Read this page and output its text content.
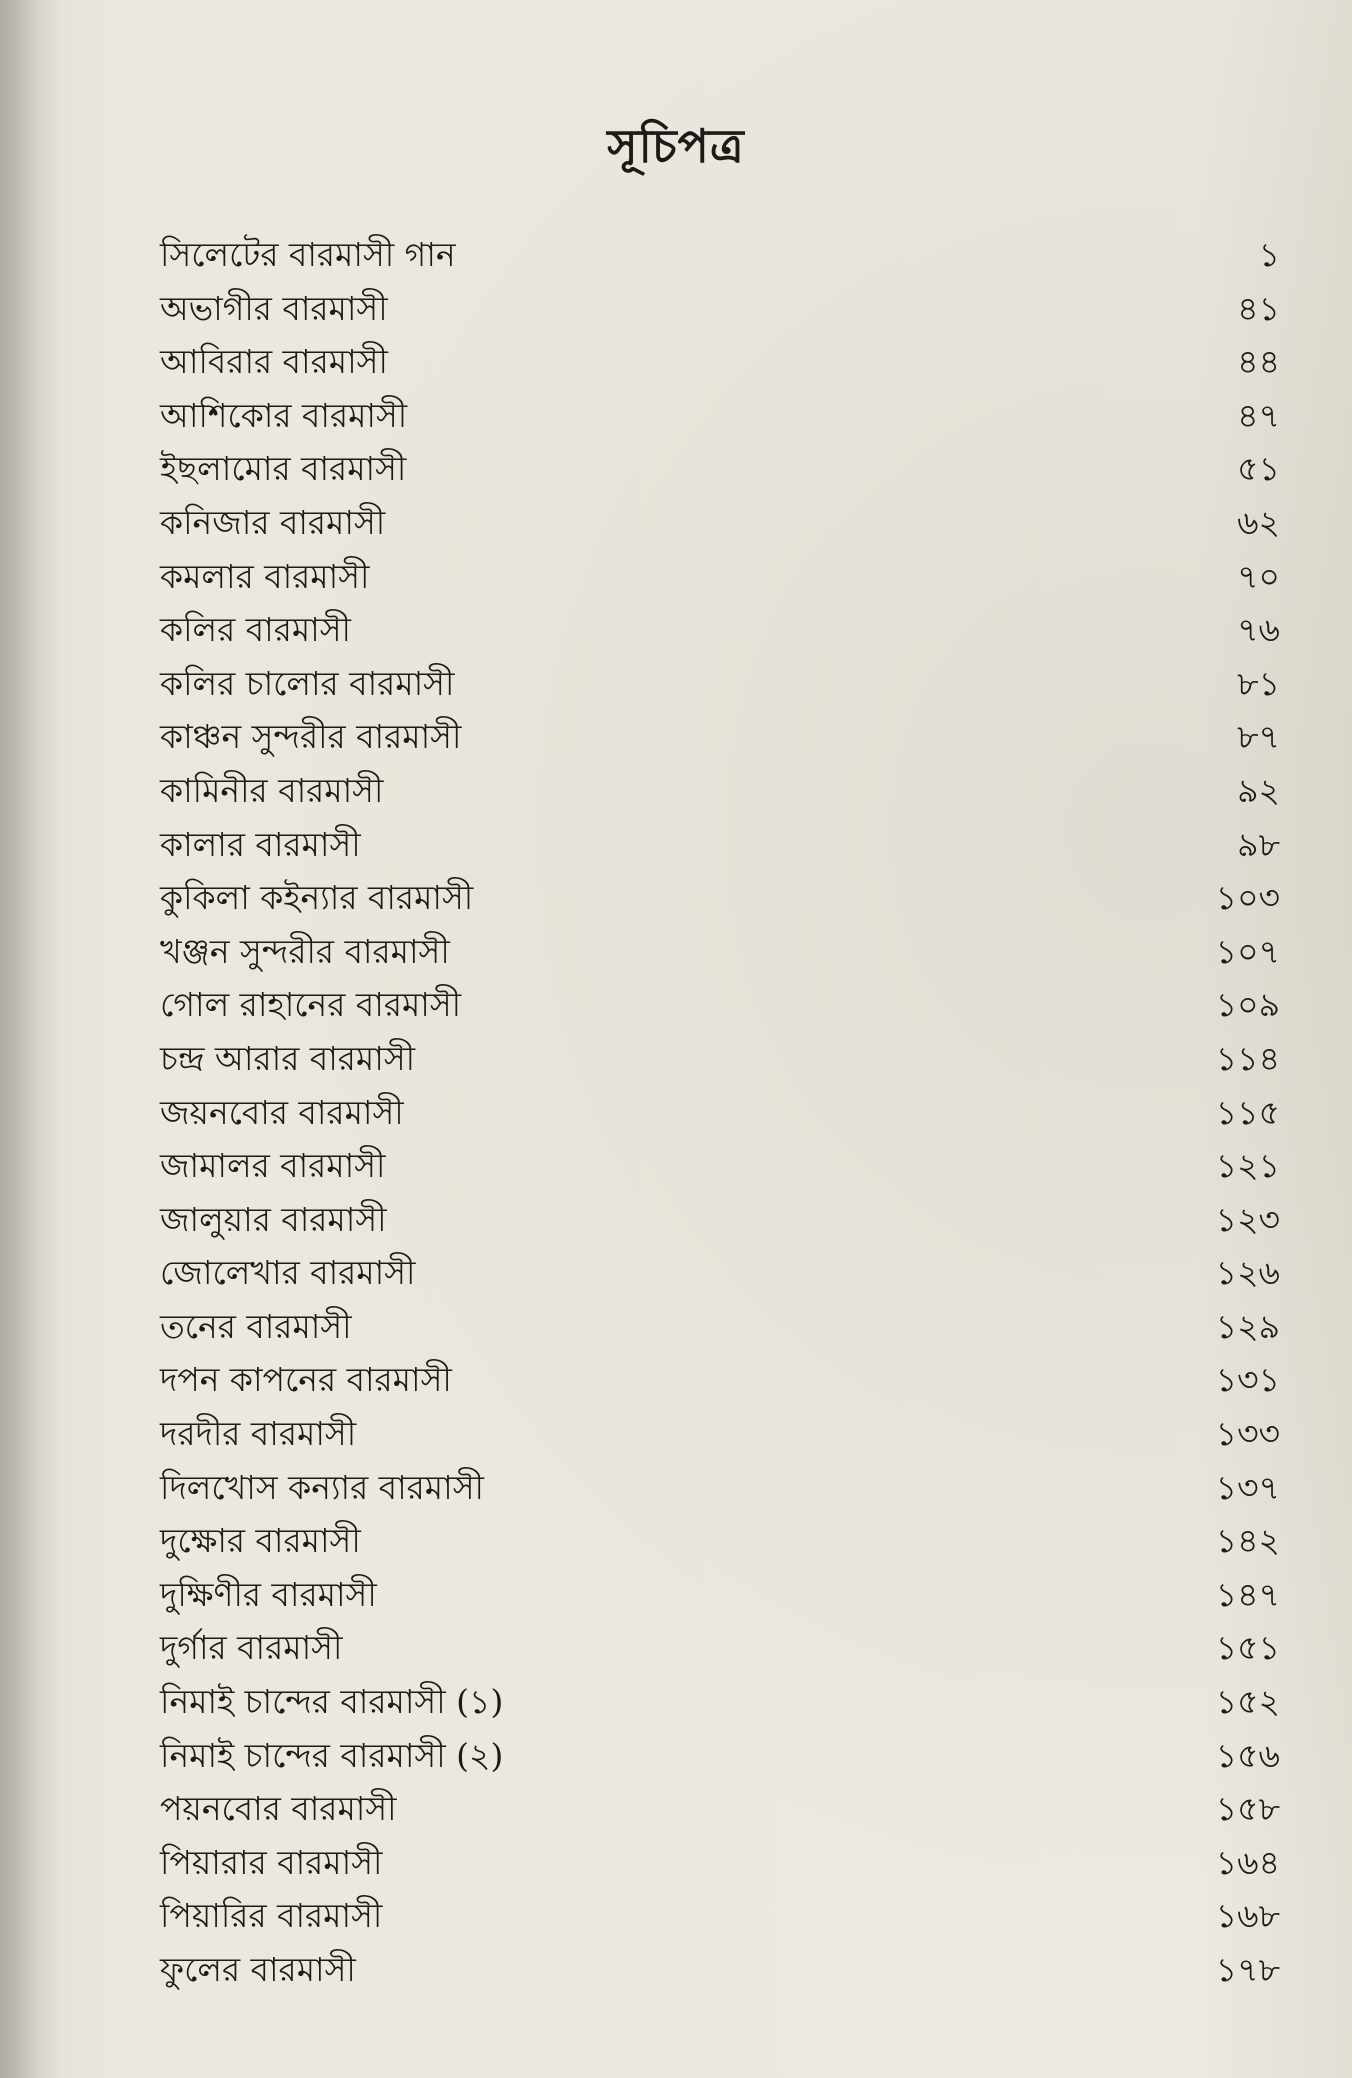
সূচিপত্র
সিলেটের বারমাসী গান	১
অভাগীর বারমাসী	৪১
আবিরার বারমাসী	৪৪
আশিকোর বারমাসী	৪৭
ইছলামোর বারমাসী	৫১
কনিজার বারমাসী	৬২
কমলার বারমাসী	৭০
কলির বারমাসী	৭৬
কলির চালোর বারমাসী	৮১
কাঞ্চন সুন্দরীর বারমাসী	৮৭
কামিনীর বারমাসী	৯২
কালার বারমাসী	৯৮
কুকিলা কইন্যার বারমাসী	১০৩
খঞ্জন সুন্দরীর বারমাসী	১০৭
গোল রাহানের বারমাসী	১০৯
চন্দ্র আরার বারমাসী	১১৪
জয়নবোর বারমাসী	১১৫
জামালর বারমাসী	১২১
জালুয়ার বারমাসী	১২৩
জোলেখার বারমাসী	১২৬
তনের বারমাসী	১২৯
দপন কাপনের বারমাসী	১৩১
দরদীর বারমাসী	১৩৩
দিলখোস কন্যার বারমাসী	১৩৭
দুক্ষোর বারমাসী	১৪২
দুক্ষিণীর বারমাসী	১৪৭
দুর্গার বারমাসী	১৫১
নিমাই চান্দের বারমাসী (১)	১৫২
নিমাই চান্দের বারমাসী (২)	১৫৬
পয়নবোর বারমাসী	১৫৮
পিয়ারার বারমাসী	১৬৪
পিয়ারির বারমাসী	১৬৮
ফুলের বারমাসী	১৭৮
